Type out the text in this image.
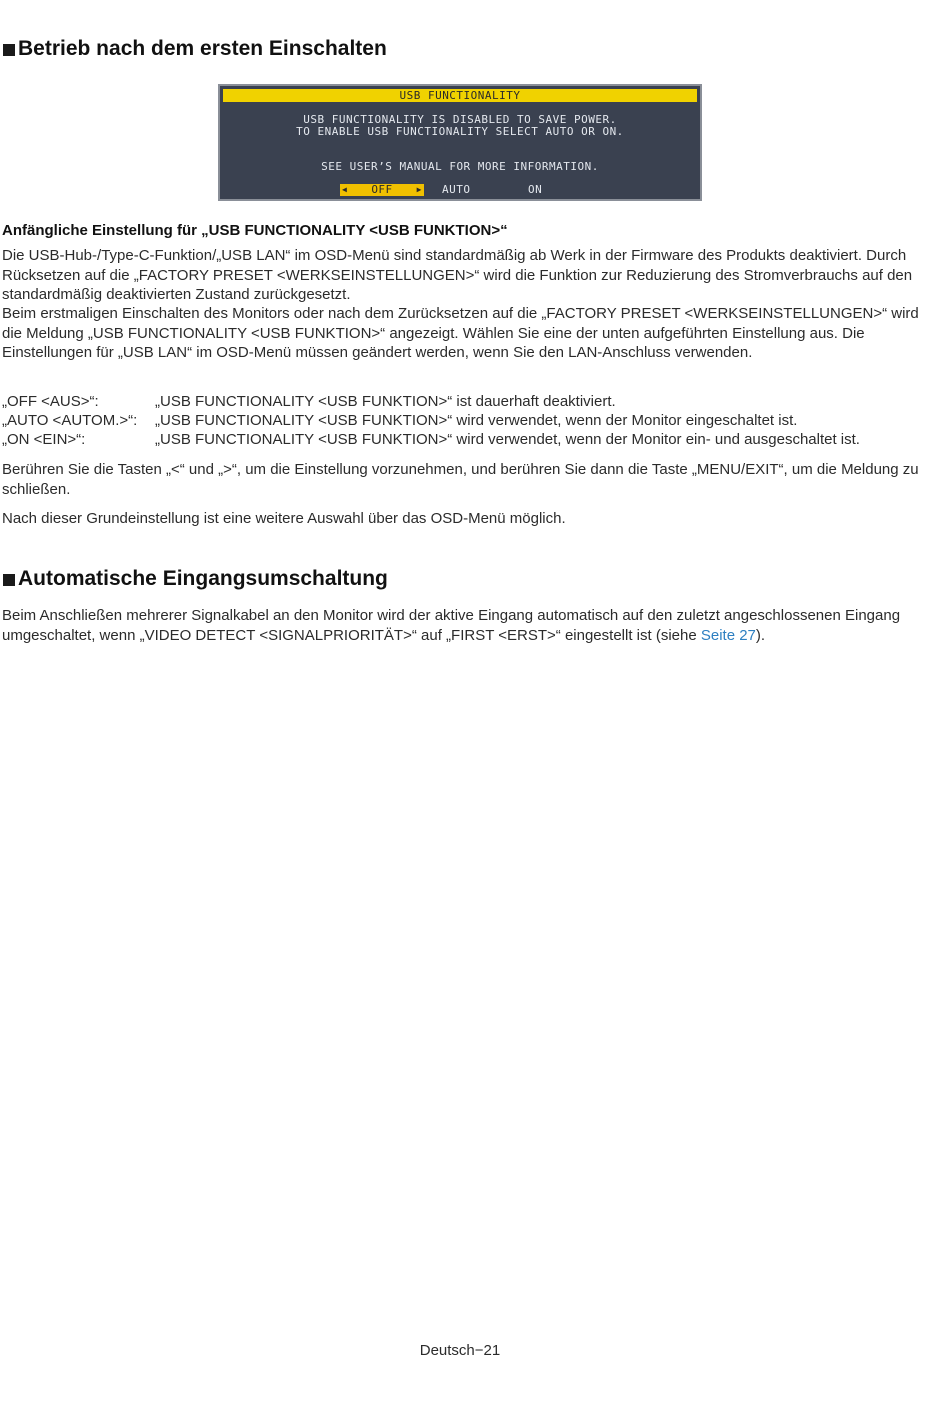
Betrieb nach dem ersten Einschalten
USB FUNCTIONALITY
USB FUNCTIONALITY IS DISABLED TO SAVE POWER.
TO ENABLE USB FUNCTIONALITY SELECT AUTO OR ON.
SEE USER’S MANUAL FOR MORE INFORMATION.
◀ OFF	▶ AUTO	ON
Anfängliche Einstellung für „USB FUNCTIONALITY <USB FUNKTION>“

Die USB-Hub-/Type-C-Funktion/„USB LAN“ im OSD-Menü sind standardmäßig ab Werk in der Firmware des Produkts deaktiviert. Durch Rücksetzen auf die „FACTORY PRESET <WERKSEINSTELLUNGEN>“ wird die Funktion zur Reduzierung des Stromverbrauchs auf den standardmäßig deaktivierten Zustand zurückgesetzt.

Beim erstmaligen Einschalten des Monitors oder nach dem Zurücksetzen auf die „FACTORY PRESET <WERKSEINSTELLUNGEN>“ wird die Meldung „USB FUNCTIONALITY <USB FUNKTION>“ angezeigt. Wählen Sie eine der unten aufgeführten Einstellung aus. Die Einstellungen für „USB LAN“ im OSD-Menü müssen geändert werden, wenn Sie den LAN-Anschluss verwenden.

„OFF <AUS>“:	„USB FUNCTIONALITY <USB FUNKTION>“ ist dauerhaft deaktiviert.
„AUTO <AUTOM.>“: „USB FUNCTIONALITY <USB FUNKTION>“ wird verwendet, wenn der Monitor eingeschaltet ist.
„ON <EIN>“:	„USB FUNCTIONALITY <USB FUNKTION>“ wird verwendet, wenn der Monitor ein- und ausgeschaltet ist.

Berühren Sie die Tasten „<“ und „>“, um die Einstellung vorzunehmen, und berühren Sie dann die Taste „MENU/EXIT“, um die Meldung zu schließen.

Nach dieser Grundeinstellung ist eine weitere Auswahl über das OSD-Menü möglich.

Automatische Eingangsumschaltung

Beim Anschließen mehrerer Signalkabel an den Monitor wird der aktive Eingang automatisch auf den zuletzt angeschlossenen Eingang umgeschaltet, wenn „VIDEO DETECT <SIGNALPRIORITÄT>“ auf „FIRST <ERST>“ eingestellt ist (siehe Seite 27).

Deutsch−21
